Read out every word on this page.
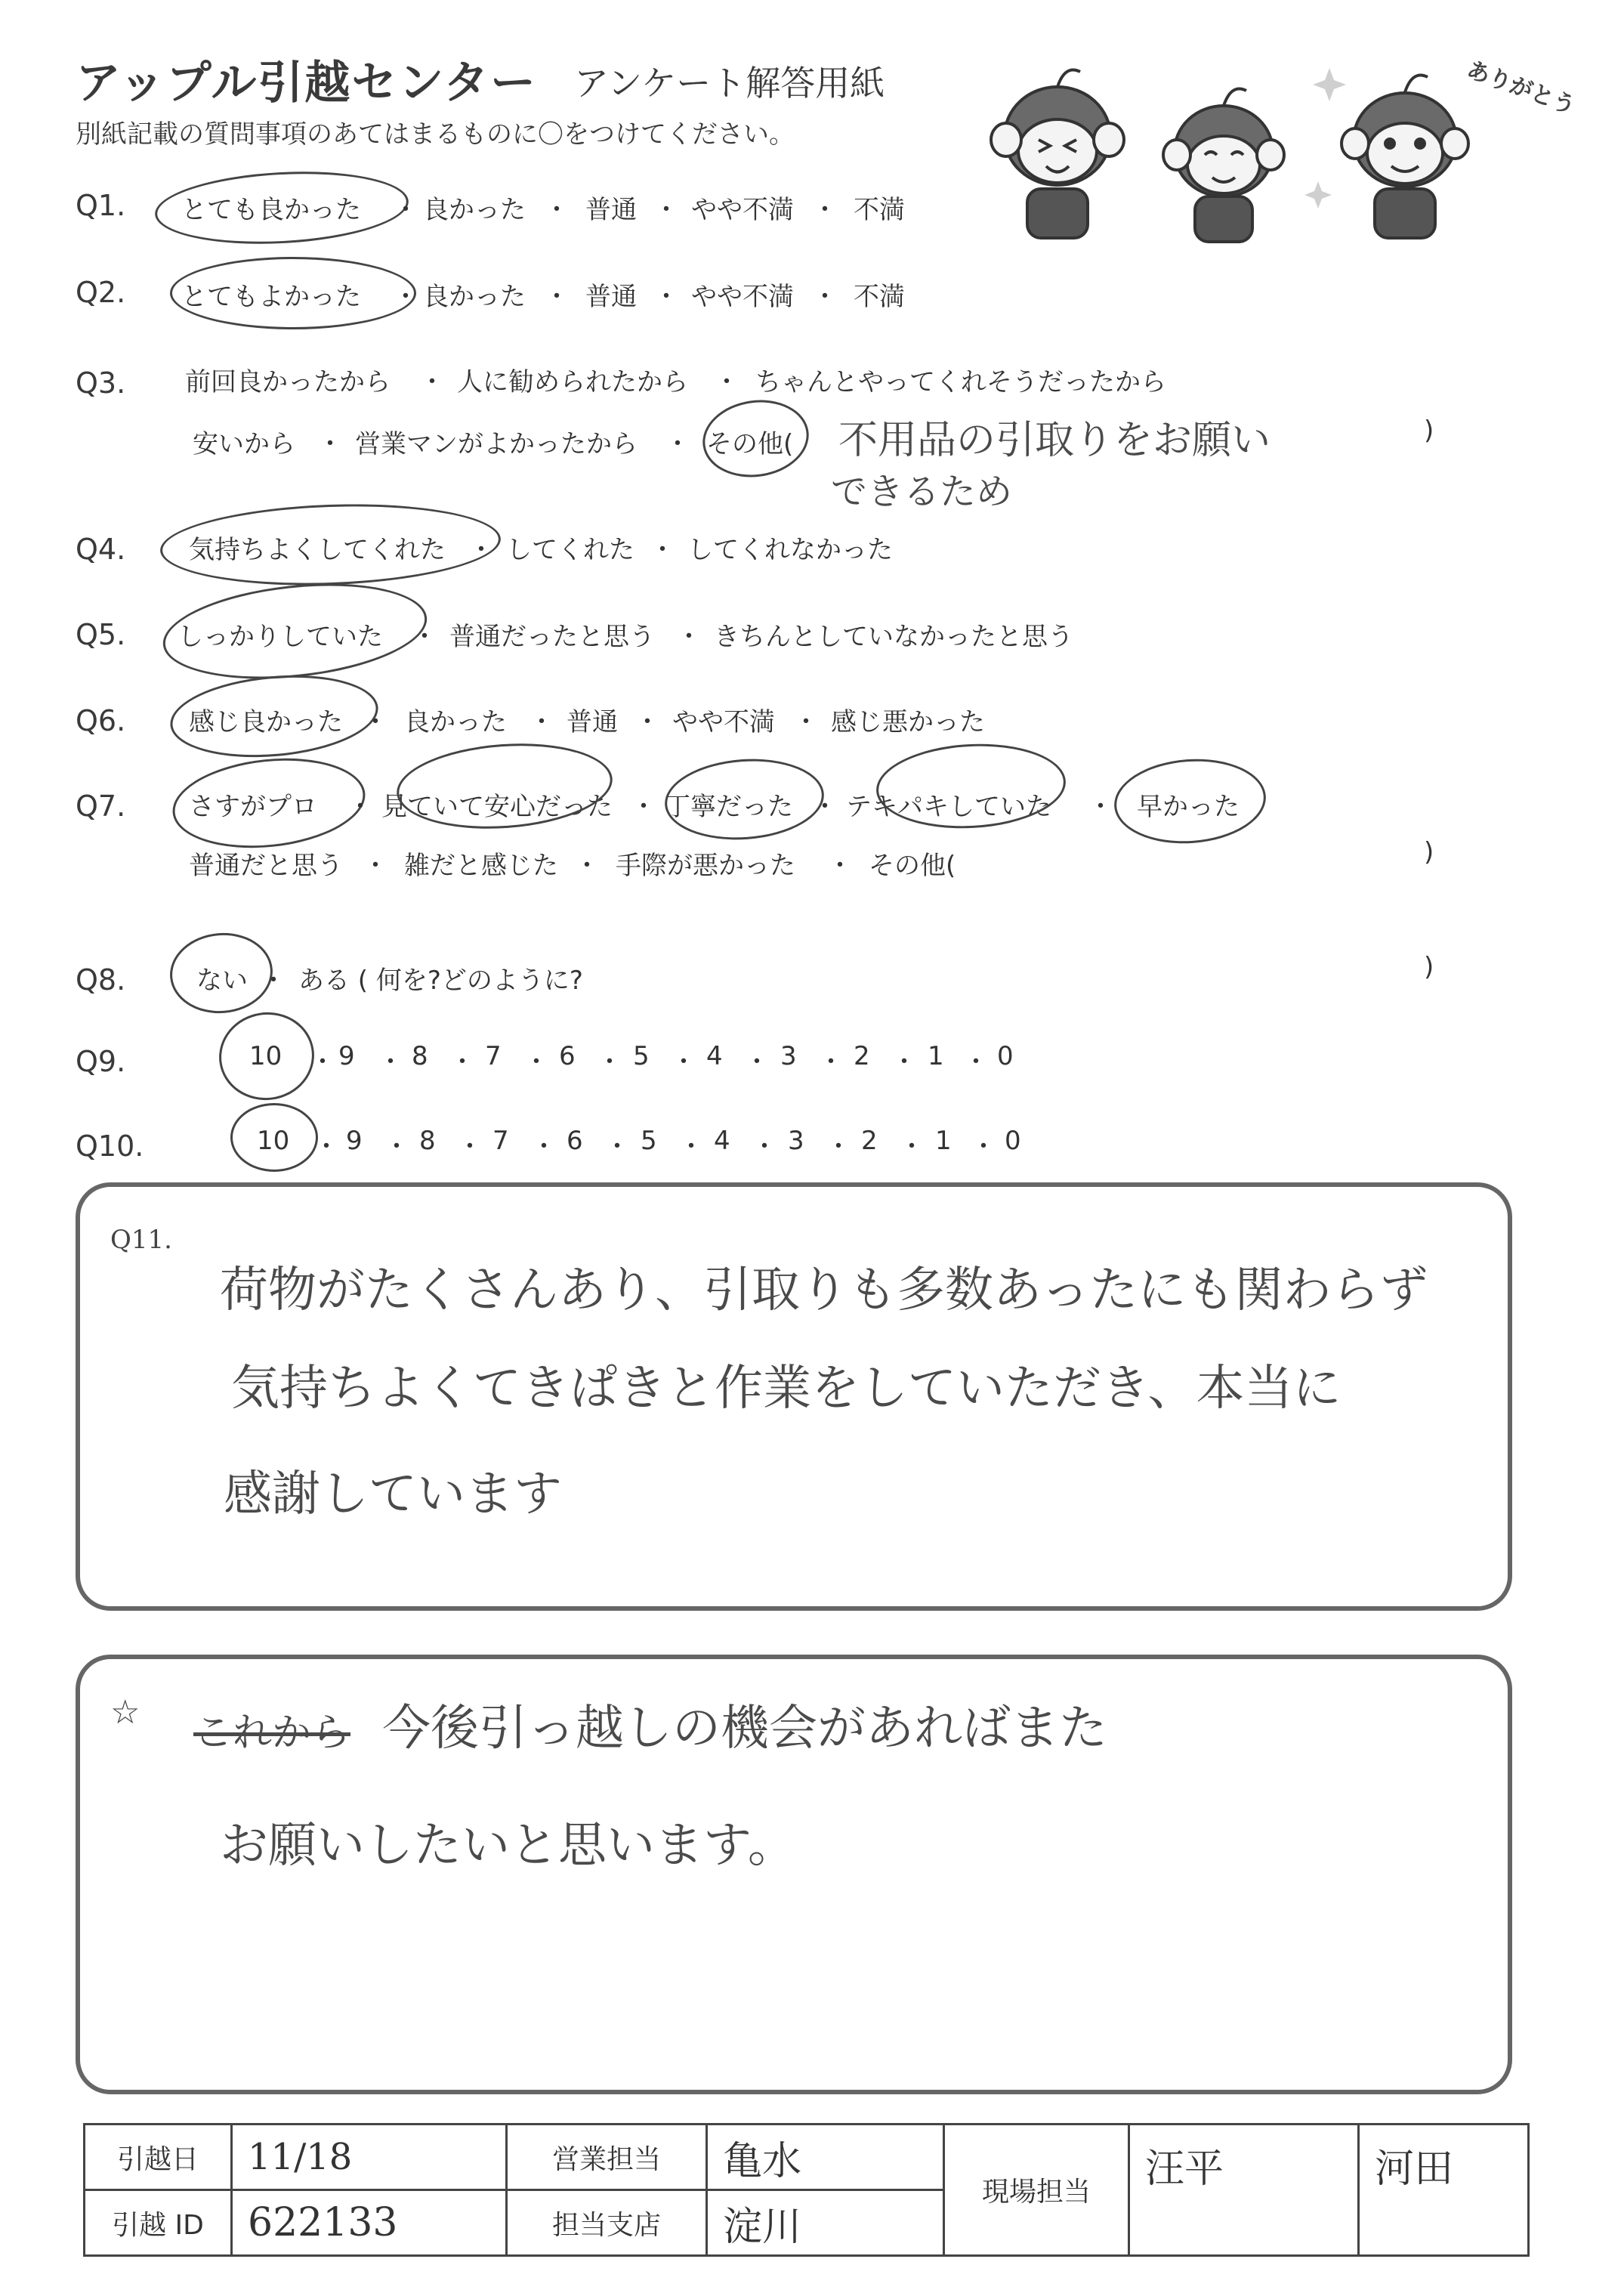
アップル引越センター アンケート解答用紙
別紙記載の質問事項のあてはまるものに〇をつけてください。
ありがとう
Q1. とても良かった ・ 良かった ・ 普通 ・ やや不満 ・ 不満
Q2. とてもよかった ・ 良かった ・ 普通 ・ やや不満 ・ 不満
Q3. 前回良かったから ・ 人に勧められたから ・ ちゃんとやってくれそうだったから
安いから ・ 営業マンがよかったから ・ その他( 不用品の引取りをお願い
できるため
)
Q4. 気持ちよくしてくれた ・ してくれた ・ してくれなかった
Q5. しっかりしていた ・ 普通だったと思う ・ きちんとしていなかったと思う
Q6. 感じ良かった ・ 良かった ・ 普通 ・ やや不満 ・ 感じ悪かった
Q7. さすがプロ ・ 見ていて安心だった ・ 丁寧だった ・ テキパキしていた ・ 早かった
普通だと思う ・ 雑だと感じた ・ 手際が悪かった ・ その他(	)
Q8.	ない ・ ある ( 何を?どのように?	)
Q9.	10 ・ 9 ・ 8 ・ 7 ・ 6 ・ 5 ・ 4 ・ 3 ・ 2 ・ 1 ・ 0
Q10.	10 ・ 9 ・ 8 ・ 7 ・ 6 ・ 5 ・ 4 ・ 3 ・ 2 ・ 1 ・ 0
Q11.
荷物がたくさんあり、引取りも多数あったにも関わらず
気持ちよくてきぱきと作業をしていただき、本当に
感謝しています
☆ これから 今後引っ越しの機会があればまた
お願いしたいと思います。
引越日	11/18	営業担当	亀水	現場担当	汪平	河田
引越 ID	622133	担当支店	淀川			
